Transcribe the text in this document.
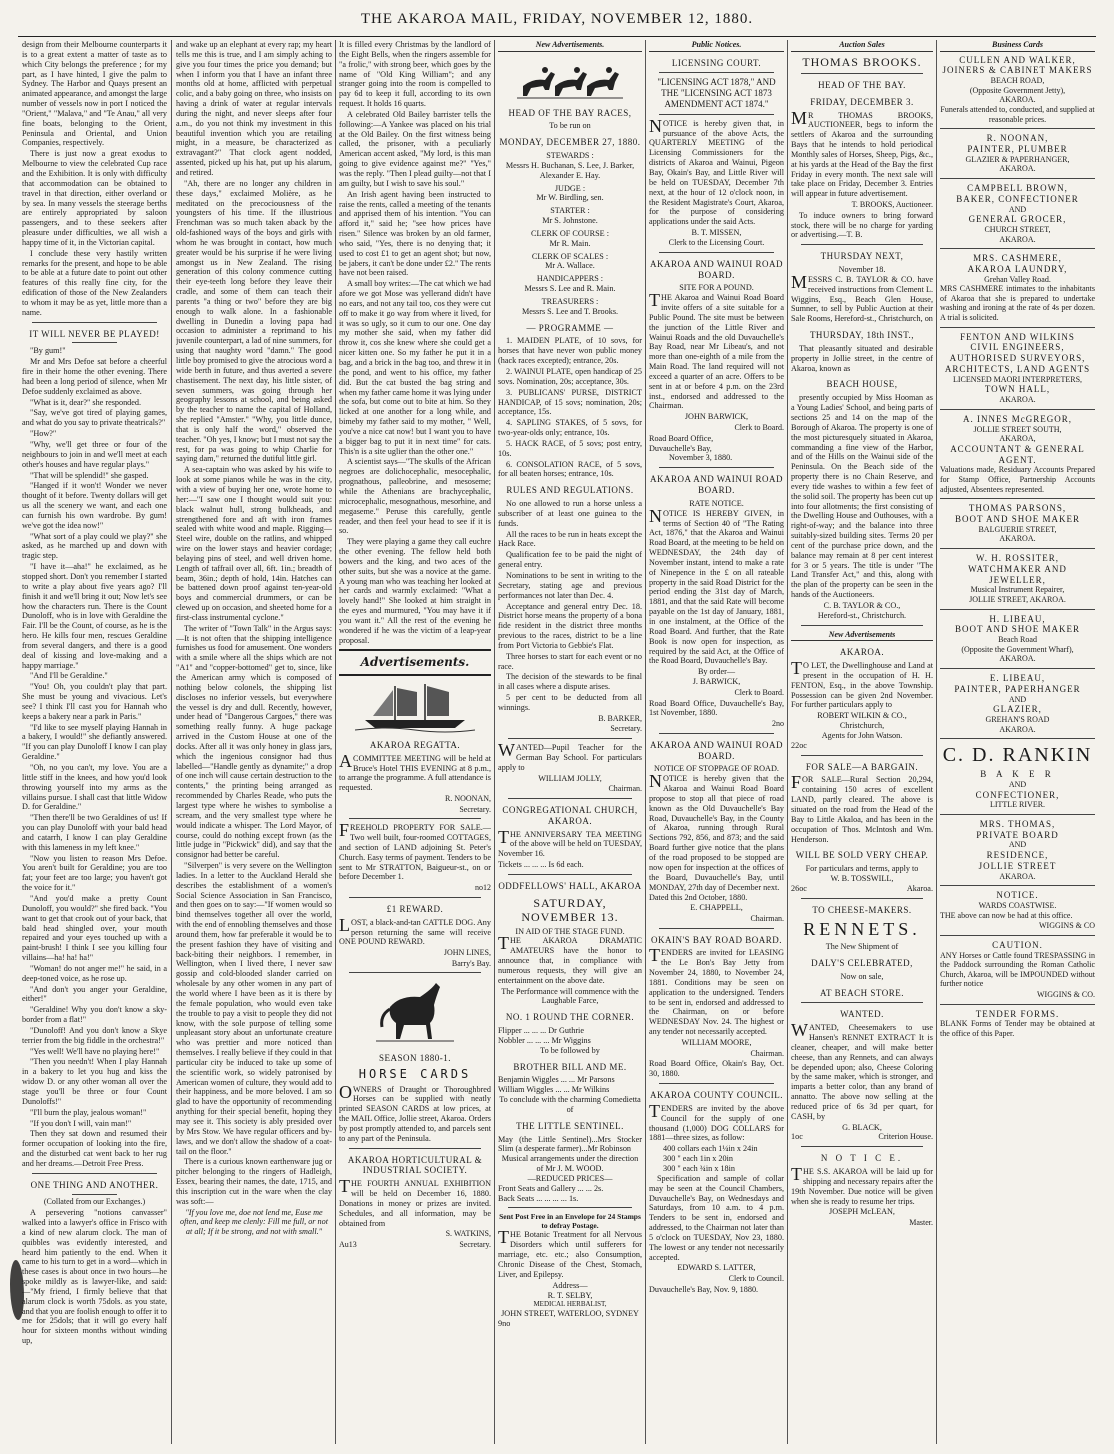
THE AKAROA MAIL, FRIDAY, NOVEMBER 12, 1880.

design from their Melbourne counterparts it is to a great extent a matter of taste as to which City belongs the preference ; for my part, as I have hinted, I give the palm to Sydney. The Harbor and Quays present an animated appearance, and amongst the large number of vessels now in port I noticed the "Orient," "Malava," and "Te Anau," all very fine boats, belonging to the Orient, Peninsula and Oriental, and Union Companies, respectively.

There is just now a great exodus to Melbourne to view the celebrated Cup race and the Exhibition. It is only with difficulty that accommodation can be obtained to travel in that direction, either overland or by sea. In many vessels the steerage berths are entirely appropriated by saloon passengers, and to these seekers after pleasure under difficulties, we all wish a happy time of it, in the Victorian capital.

I conclude these very hastily written remarks for the present, and hope to be able to be able at a future date to point out other features of this really fine city, for the edification of those of the New Zealanders to whom it may be as yet, little more than a name.

IT WILL NEVER BE PLAYED!

"By gum!"

Mr and Mrs Defoe sat before a cheerful fire in their home the other evening. There had been a long period of silence, when Mr Defoe suddenly exclaimed as above.

"What is it, dear?" she responded.

"Say, we've got tired of playing games, and what do you say to private theatricals?"

"How?"

"Why, we'll get three or four of the neighbours to join in and we'll meet at each other's houses and have regular plays."

"That will be splendid!" she gasped.

"Hanged if it won't! Wonder we never thought of it before. Twenty dollars will get us all the scenery we want, and each one can furnish his own wardrobe. By gum! we've got the idea now!"

"What sort of a play could we play?" she asked, as he marched up and down with tragic step.

"I have it—aha!" he exclaimed, as he stopped short. Don't you remember I started to write a play about five years ago? I'll finish it and we'll bring it out; Now let's see how the characters run. There is the Count Dunoloff, who is in love with Geraldine the Fair. I'll be the Count, of course, as he is the hero. He kills four men, rescues Geraldine from several dangers, and there is a good deal of kissing and love-making and a happy marriage."

"And I'll be Geraldine."

"You! Oh, you couldn't play that part. She must be young and vivacious. Let's see? I think I'll cast you for Hannah who keeps a bakery near a park in Paris."

"I'd like to see myself playing Hannah in a bakery, I would!" she defiantly answered. "If you can play Dunoloff I know I can play Geraldine."

"Oh, no you can't, my love. You are a little stiff in the knees, and how you'd look throwing yourself into my arms as the villains pursue. I shall cast that little Widow D. for Geraldine."

"Then there'll be two Geraldines of us! If you can play Dunoloff with your bald head and catarrh, I know I can play Geraldine with this lameness in my left knee."

"Now you listen to reason Mrs Defoe. You aren't built for Geraldine; you are too fat; your feet are too large; you haven't got the voice for it."

"And you'd make a pretty Count Dunoloff, you would?" she fired back. "You want to get that crook out of your back, that bald head shingled over, your mouth repaired and your eyes touched up with a paint-brush! I think I see you killing four villains—ha! ha! ha!"

"Woman! do not anger me!" he said, in a deep-toned voice, as he rose up.

"And don't you anger your Geraldine, either!"

"Geraldine! Why you don't know a sky-border from a flat!"

"Dunoloff! And you don't know a Skye terrier from the big fiddle in the orchestra!"

"Yes well! We'll have no playing here!"

"Then you needn't! When I play Hannah in a bakery to let you hug and kiss the widow D. or any other woman all over the stage you'll be three or four Count Dunoloffs!"

"I'll burn the play, jealous woman!"

"If you don't I will, vain man!"

Then they sat down and resumed their former occupation of looking into the fire, and the disturbed cat went back to her rug and her dreams.—Detroit Free Press.

ONE THING AND ANOTHER.
(Collated from our Exchanges.)

A persevering "notions canvasser" walked into a lawyer's office in Frisco with a kind of new alarum clock. The man of quibbles was evidently interested, and heard him patiently to the end. When it came to his turn to get in a word—which in these cases is about once in two hours—he spoke mildly as is lawyer-like, and said:—"My friend, I firmly believe that that alarum clock is worth 75dols. as you state, and that you are foolish enough to offer it to me for 25dols; that it will go every half hour for sixteen months without winding up,

and wake up an elephant at every rap; my heart tells me this is true, and I am simply aching to give you four times the price you demand; but when I inform you that I have an infant three months old at home, afflicted with perpetual colic, and a baby going on three, who insists on having a drink of water at regular intervals during the night, and never sleeps after four a.m., do you not think my investment in this beautiful invention which you are retailing might, in a measure, be characterized as extravagant?" That clock agent nodded, assented, picked up his hat, put up his alarum, and retired.

"Ah, there are no longer any children in these days," exclaimed Molière, as he meditated on the precociousness of the youngsters of his time. If the illustrious Frenchman was so much taken aback by the old-fashioned ways of the boys and girls with whom he was brought in contact, how much greater would be his surprise if he were living amongst us in New Zealand. The rising generation of this colony commence cutting their eye-teeth long before they leave their cradle, and some of them can teach their parents "a thing or two" before they are big enough to walk alone. In a fashionable dwelling in Dunedin a loving papa had occasion to administer a reprimand to his juvenile counterpart, a lad of nine summers, for using that naughty word "damn." The good little boy promised to give the atrocious word a wide berth in future, and thus averted a severe chastisement. The next day, his little sister, of seven summers, was going through her geography lessons at school, and being asked by the teacher to name the capital of Holland, she replied "Amster." "Why, you little dunce, that is only half the word," observed the teacher. "Oh yes, I know; but I must not say the rest, for pa was going to whip Charlie for saying dam," returned the dutiful little girl.

A sea-captain who was asked by his wife to look at some pianos while he was in the city, with a view of buying her one, wrote home to her:—"I saw one I thought would suit you: black walnut hull, strong bulkheads, and strengthened fore and aft with iron frames sealed with white wood and maple. Rigging—Steel wire, double on the ratlins, and whipped wire on the lower stays and heavier cordage; belaying pins of steel, and well driven home. Length of taffrail over all, 6ft. 1in.; breadth of beam, 36in.; depth of hold, 14in. Hatches can be battened down proof against ten-year-old boys and commercial drummers, or can be clewed up on occasion, and sheeted home for a first-class instrumental cyclone."

The writer of "Town Talk" in the Argus says:—It is not often that the shipping intelligence furnishes us food for amusement. One wonders with a smile where all the ships which are not "A1" and "copper-bottomed" get to, since, like the American army which is composed of nothing below colonels, the shipping list discloses no inferior vessels, but everywhere the vessel is dry and dull. Recently, however, under head of "Dangerous Cargoes," there was something really funny. A huge package arrived in the Custom House at one of the docks. After all it was only honey in glass jars, which the ingenious consignor had thus labelled—"Handle gently as dynamite;" a drop of one inch will cause certain destruction to the contents," the printing being arranged as recommended by Charles Reade, who puts the largest type where he wishes to symbolise a scream, and the very smallest type where he would indicate a whisper. The Lord Mayor, of course, could do nothing except frown (as the little judge in "Pickwick" did), and say that the consignor had better be careful.

"Silverpen" is very severe on the Wellington ladies. In a letter to the Auckland Herald she describes the establishment of a women's Social Science Association in San Francisco, and then goes on to say:—"If women would so bind themselves together all over the world, with the end of ennobling themselves and those around them, how far preferable it would be to the present fashion they have of visiting and back-biting their neighbors. I remember, in Wellington, when I lived there, I never saw gossip and cold-blooded slander carried on wholesale by any other women in any part of the world where I have been as it is there by the female population, who would even take the trouble to pay a visit to people they did not know, with the sole purpose of telling some unpleasant story about an unfortunate creature who was prettier and more noticed than themselves. I really believe if they could in that particular city be induced to take up some of the scientific work, so widely patronised by American women of culture, they would add to their happiness, and be more beloved. I am so glad to have the opportunity of recommending anything for their special benefit, hoping they may see it. This society is ably presided over by Mrs Stow. We have regular officers and by-laws, and we don't allow the shadow of a coat-tail on the floor."

There is a curious known earthenware jug or pitcher belonging to the ringers of Hadleigh, Essex, bearing their names, the date, 1715, and this inscription cut in the ware when the clay was soft:—

"If you love me, doe not lend me, Euse me often, and keep me clenly: Fill me full, or not at all; If it be strong, and not with small."

It is filled every Christmas by the landlord of the Eight Bells, when the ringers assemble for "a frolic," with strong beer, which goes by the name of "Old King William"; and any stranger going into the room is compelled to pay 6d to keep it full, according to its own request. It holds 16 quarts.

A celebrated Old Bailey barrister tells the following:—A Yankee was placed on his trial at the Old Bailey. On the first witness being called, the prisoner, with a peculiarly American accent asked, "My lord, is this man going to give evidence against me?" "Yes," was the reply. "Then I plead guilty—not that I am guilty, but I wish to save his soul."

An Irish agent having been instructed to raise the rents, called a meeting of the tenants and apprised them of his intention. "You can afford it," said he; "see how prices have risen." Silence was broken by an old farmer, who said, "Yes, there is no denying that; it used to cost £1 to get an agent shot; but now, be jabers, it can't be done under £2." The rents have not been raised.

A small boy writes:—The cat which we had afore we got Mose was yellerand didn't have no ears, and not any tail too, cos they were cut off to make it go way from where it lived, for it was so ugly, so it cum to our one. One day my mother she said, when my father did throw it, cos she knew where she could get a nicer kitten one. So my father he put it in a bag, and a brick in the bag too, and threw it in the pond, and went to his office, my father did. But the cat busted the bag string and when my father came home it was lying under the sofa, but come out to bite at him. So they licked at one another for a long while, and bimeby my father said to my mother, " Well, you've a nice cat now! but I want you to have a bigger bag to put it in next time" for cats. This'n is a site uglier than the other one."

A scientist says—"The skulls of the African negroes are dolichocephalic, mesocephalic, prognathous, palleobrine, and mesoseme; while the Athenians are brachycephalic, microcephalic, mesognathous, mesorhine, and megaseme." Peruse this carefully, gentle reader, and then feel your head to see if it is so.

They were playing a game they call euchre the other evening. The fellow held both bowers and the king, and two aces of the other suits, but she was a novice at the game. A young man who was teaching her looked at her cards and warmly exclaimed: "What a lovely hand!" She looked at him straight in the eyes and murmured, "You may have it if you want it." All the rest of the evening he wondered if he was the victim of a leap-year proposal.

Advertisements.
AKAROA REGATTA.

ACOMMITTEE MEETING will be held at Bruce's Hotel THIS EVENING at 8 p.m., to arrange the programme. A full attendance is requested.

R. NOONAN,
Secretary.

FREEHOLD PROPERTY FOR SALE.—Two well built, four-roomed COTTAGES, and section of LAND adjoining St. Peter's Church. Easy terms of payment. Tenders to be sent to Mr STRATTON, Baigueur-st., on or before December 1.

no12
£1 REWARD.

LOST, a black-and-tan CATTLE DOG. Any person returning the same will receive ONE POUND REWARD.

JOHN LINES,
Barry's Bay.
SEASON 1880-1.
HORSE CARDS

OWNERS of Draught or Thoroughbred Horses can be supplied with neatly printed SEASON CARDS at low prices, at the MAIL Office, Jollie street, Akaroa. Orders by post promptly attended to, and parcels sent to any part of the Peninsula.

AKAROA HORTICULTURAL & INDUSTRIAL SOCIETY.

THE FOURTH ANNUAL EXHIBITION will be held on December 16, 1880. Donations in money or prizes are invited. Schedules, and all information, may be obtained from

S. WATKINS,
Au13	Secretary.
New Advertisements.
HEAD OF THE BAY RACES,
To be run on
MONDAY, DECEMBER 27, 1880.
STEWARDS :
Messrs H. Buchanan, S. Lee, J. Barker, Alexander E. Hay.
JUDGE :
Mr W. Birdling, sen.
STARTER :
Mr S. Johnstone.
CLERK OF COURSE :
Mr R. Main.
CLERK OF SCALES :
Mr A. Wallace.
HANDICAPPERS :
Messrs S. Lee and R. Main.
TREASURERS :
Messrs S. Lee and T. Brooks.
— PROGRAMME —

1. MAIDEN PLATE, of 10 sovs, for horses that have never won public money (hack races excepted); entrance, 20s.

2. WAINUI PLATE, open handicap of 25 sovs. Nomination, 20s; acceptance, 30s.

3. PUBLICANS' PURSE, DISTRICT HANDICAP, of 15 sovs; nomination, 20s; acceptance, 15s.

4. SAPLING STAKES, of 5 sovs, for two-year-olds only; entrance, 10s.

5. HACK RACE, of 5 sovs; post entry, 10s.

6. CONSOLATION RACE, of 5 sovs, for all beaten horses; entrance, 10s.

RULES AND REGULATIONS.

No one allowed to run a horse unless a subscriber of at least one guinea to the funds.

All the races to be run in heats except the Hack Race.

Qualification fee to be paid the night of general entry.

Nominations to be sent in writing to the Secretary, stating age and previous performances not later than Dec. 4.

Acceptance and general entry Dec. 18. District horse means the property of a bona fide resident in the district three months previous to the races, district to be a line from Port Victoria to Gebbie's Flat.

Three horses to start for each event or no race.

The decision of the stewards to be final in all cases where a dispute arises.

5 per cent to be deducted from all winnings.

B. BARKER,
Secretary.

WANTED—Pupil Teacher for the German Bay School. For particulars apply to

WILLIAM JOLLY,
Chairman.
CONGREGATIONAL CHURCH, AKAROA.

THE ANNIVERSARY TEA MEETING of the above will be held on TUESDAY, November 16.

Tickets ... ... ... Is 6d each.
ODDFELLOWS' HALL, AKAROA
SATURDAY, NOVEMBER 13.
IN AID OF THE STAGE FUND.

THE AKAROA DRAMATIC AMATEURS have the honor to announce that, in compliance with numerous requests, they will give an entertainment on the above date.

The Performance will commence with the Laughable Farce,
NO. 1 ROUND THE CORNER.
Flipper ... ... ... Dr Guthrie
Nobbler ... ... ... Mr Wiggins
To be followed by
BROTHER BILL AND ME.
Benjamin Wiggles ... ... Mr Parsons
William Wiggles ... ... Mr Wilkins
To conclude with the charming Comedietta of
THE LITTLE SENTINEL.
May (the Little Sentinel)...Mrs Stocker Slim (a desperate farmer)...Mr Robinson
Musical arrangements under the direction of Mr J. M. WOOD.
—REDUCED PRICES—
Front Seats and Gallery ... ... 2s.
Back Seats ... ... ... ... 1s.
Sent Post Free in an Envelope for 24 Stamps to defray Postage.

THE Botanic Treatment for all Nervous Disorders which until sufferers for marriage, etc. etc.; also Consumption, Chronic Disease of the Chest, Stomach, Liver, and Epilepsy.

Address—
R. T. SELBY,
MEDICAL HERBALIST,
JOHN STREET, WATERLOO, SYDNEY
9no
Public Notices.
LICENSING COURT.
"LICENSING ACT 1878," AND THE "LICENSING ACT 1873 AMENDMENT ACT 1874."

NOTICE is hereby given that, in pursuance of the above Acts, the QUARTERLY MEETING of the Licensing Commissioners for the districts of Akaroa and Wainui, Pigeon Bay, Okain's Bay, and Little River will be held on TUESDAY, December 7th next, at the hour of 12 o'clock noon, in the Resident Magistrate's Court, Akaroa, for the purpose of considering applications under the said Acts.

B. T. MISSEN,
Clerk to the Licensing Court.
AKAROA AND WAINUI ROAD BOARD.
SITE FOR A POUND.

THE Akaroa and Wainui Road Board invite offers of a site suitable for a Public Pound. The site must be between the junction of the Little River and Wainui Roads and the old Duvauchelle's Bay Road, near Mr Libeau's, and not more than one-eighth of a mile from the Main Road. The land required will not exceed a quarter of an acre. Offers to be sent in at or before 4 p.m. on the 23rd inst., endorsed and addressed to the Chairman.

JOHN BARWICK,
Clerk to Board.
Road Board Office,
Duvauchelle's Bay,
November 3, 1880.
AKAROA AND WAINUI ROAD BOARD.
RATE NOTICE.

NOTICE IS HEREBY GIVEN, in terms of Section 40 of "The Rating Act, 1876," that the Akaroa and Wainui Road Board, at the meeting to be held on WEDNESDAY, the 24th day of November instant, intend to make a rate of Ninepence in the £ on all rateable property in the said Road District for the period ending the 31st day of March, 1881, and that the said Rate will become payable on the 1st day of January, 1881, in one instalment, at the Office of the Road Board. And further, that the Rate Book is now open for inspection, as required by the said Act, at the Office of the Road Board, Duvauchelle's Bay.

By order—
J. BARWICK,
Clerk to Board.
Road Board Office, Duvauchelle's Bay, 1st November, 1880.
2no
AKAROA AND WAINUI ROAD BOARD.
NOTICE OF STOPPAGE OF ROAD.

NOTICE is hereby given that the Akaroa and Wainui Road Board propose to stop all that piece of road known as the Old Duvauchelle's Bay Road, Duvauchelle's Bay, in the County of Akaroa, running through Rural Sections 792, 856, and 873; and the said Board further give notice that the plans of the road proposed to be stopped are now open for inspection at the offices of the Board, Duvauchelle's Bay, until MONDAY, 27th day of December next.

Dated this 2nd October, 1880.
E. CHAPPELL,
Chairman.
OKAIN'S BAY ROAD BOARD.

TENDERS are invited for LEASING the Le Bon's Bay Jetty from November 24, 1880, to November 24, 1881. Conditions may be seen on application to the undersigned. Tenders to be sent in, endorsed and addressed to the Chairman, on or before WEDNESDAY Nov. 24. The highest or any tender not necessarily accepted.

WILLIAM MOORE,
Chairman.
Road Board Office, Okain's Bay, Oct. 30, 1880.
AKAROA COUNTY COUNCIL.

TENDERS are invited by the above Council for the supply of one thousand (1,000) DOG COLLARS for 1881—three sizes, as follow:

400 collars each 1¼in x 24in
300 " each 1in x 20in
300 " each ¾in x 18in

Specification and sample of collar may be seen at the Council Chambers, Duvauchelle's Bay, on Wednesdays and Saturdays, from 10 a.m. to 4 p.m. Tenders to be sent in, endorsed and addressed, to the Chairman not later than 5 o'clock on TUESDAY, Nov 23, 1880. The lowest or any tender not necessarily accepted.

EDWARD S. LATTER,
Clerk to Council.
Duvauchelle's Bay, Nov. 9, 1880.
Auction Sales
THOMAS BROOKS.
HEAD OF THE BAY.
FRIDAY, DECEMBER 3.

MR THOMAS BROOKS, AUCTIONEER, begs to inform the settlers of Akaroa and the surrounding Bays that he intends to hold periodical Monthly sales of Horses, Sheep, Pigs, &c., at his yards at the Head of the Bay the first Friday in every month. The next sale will take place on Friday, December 3. Entries will appear in future advertisement.

T. BROOKS, Auctioneer.

To induce owners to bring forward stock, there will be no charge for yarding or advertising.—T. B.

THURSDAY NEXT,
November 18.

MESSRS C. B. TAYLOR & CO. have received instructions from Clement L. Wiggins, Esq., Beach Glen House, Sumner, to sell by Public Auction at their Sale Rooms, Hereford-st., Christchurch, on

THURSDAY, 18th INST.,

That pleasantly situated and desirable property in Jollie street, in the centre of Akaroa, known as

BEACH HOUSE,

presently occupied by Miss Hooman as a Young Ladies' School, and being parts of sections 25 and 14 on the map of the Borough of Akaroa. The property is one of the most picturesquely situated in Akaroa, commanding a fine view of the Harbor, and of the Hills on the Wainui side of the Peninsula. On the Beach side of the property there is no Chain Reserve, and every tide washes to within a few feet of the solid soil. The property has been cut up into four allotments; the first consisting of the Dwelling House and Outhouses, with a right-of-way; and the balance into three suitably-sized building sites. Terms 20 per cent of the purchase price down, and the balance may remain at 8 per cent interest for 3 or 5 years. The title is under "The Land Transfer Act," and this, along with the plan of the property can be seen in the hands of the Auctioneers.

C. B. TAYLOR & CO.,
Hereford-st., Christchurch.
New Advertisements
AKAROA.

TO LET, the Dwellinghouse and Land at present in the occupation of H. H. FENTON, Esq., in the above Township. Possession can be given 2nd November. For further particulars apply to

ROBERT WILKIN & CO.,
Christchurch,
Agents for John Watson.
22oc
FOR SALE—A BARGAIN.

FOR SALE—Rural Section 20,294, containing 150 acres of excellent LAND, partly cleared. The above is situated on the road from the Head of the Bay to Little Akaloa, and has been in the occupation of Thos. McIntosh and Wm. Henderson.

WILL BE SOLD VERY CHEAP.
For particulars and terms, apply to
W. B. TOSSWILL,
26oc	Akaroa.
TO CHEESE-MAKERS.
RENNETS.
The New Shipment of
DALY'S CELEBRATED,
Now on sale,
AT BEACH STORE.
WANTED.

WANTED, Cheesemakers to use Hansen's RENNET EXTRACT It is cleaner, cheaper, and will make better cheese, than any Rennets, and can always be depended upon; also, Cheese Coloring by the same maker, which is stronger, and imparts a better color, than any brand of annatto. The above now selling at the reduced price of 6s 3d per quart, for CASH, by

G. BLACK,
1oc	Criterion House.
N O T I C E.

THE S.S. AKAROA will be laid up for shipping and necessary repairs after the 19th November. Due notice will be given when she is ready to resume her trips.

JOSEPH McLEAN,
Master.
Business Cards
CULLEN AND WALKER,
JOINERS & CABINET MAKERS
BEACH ROAD,
(Opposite Government Jetty),
AKAROA.
Funerals attended to, conducted, and supplied at reasonable prices.
R. NOONAN,
PAINTER, PLUMBER
GLAZIER & PAPERHANGER,
AKAROA.
CAMPBELL BROWN,
BAKER, CONFECTIONER
AND
GENERAL GROCER,
CHURCH STREET,
AKAROA.
MRS. CASHMERE,
AKAROA LAUNDRY,
Grehan Valley Road.

MRS CASHMERE intimates to the inhabitants of Akaroa that she is prepared to undertake washing and ironing at the rate of 4s per dozen. A trial is solicited.

FENTON AND WILKINS
CIVIL ENGINEERS,
AUTHORISED SURVEYORS,
ARCHITECTS, LAND AGENTS
LICENSED MAORI INTERPRETERS,
TOWN HALL,
AKAROA.
A. INNES McGREGOR,
JOLLIE STREET SOUTH,
AKAROA,
ACCOUNTANT & GENERAL AGENT.

Valuations made, Residuary Accounts Prepared for Stamp Office, Partnership Accounts adjusted, Absentees represented.

THOMAS PARSONS,
BOOT AND SHOE MAKER
BALGUERIE STREET,
AKAROA.
W. H. ROSSITER,
WATCHMAKER AND JEWELLER,
Musical Instrument Repairer,
JOLLIE STREET, AKAROA.
H. LIBEAU,
BOOT AND SHOE MAKER
Beach Road
(Opposite the Government Wharf),
AKAROA.
E. LIBEAU,
PAINTER, PAPERHANGER
AND
GLAZIER,
GREHAN'S ROAD
AKAROA.
C. D. RANKIN
B A K E R
AND
CONFECTIONER,
LITTLE RIVER.
MRS. THOMAS,
PRIVATE BOARD
AND
RESIDENCE,
JOLLIE STREET
AKAROA.
NOTICE.
WARDS COASTWISE.

THE above can now be had at this office.

WIGGINS & CO
CAUTION.

ANY Horses or Cattle found TRESPASSING in the Paddock surrounding the Roman Catholic Church, Akaroa, will be IMPOUNDED without further notice

WIGGINS & CO.
TENDER FORMS.

BLANK Forms of Tender may be obtained at the office of this Paper.
